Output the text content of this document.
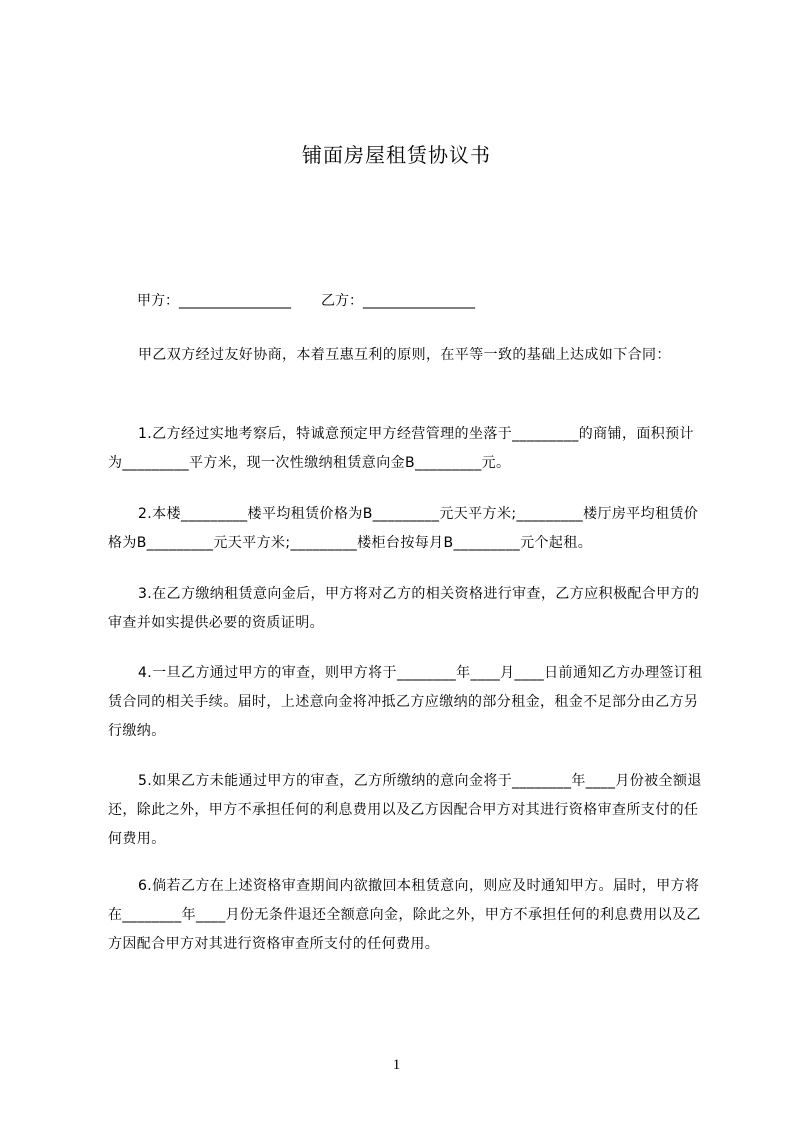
铺面房屋租赁协议书
甲方：________________ 乙方：________________
甲乙双方经过友好协商，本着互惠互利的原则，在平等一致的基础上达成如下合同：
1.乙方经过实地考察后，特诚意预定甲方经营管理的坐落于_________的商铺，面积预计为_________平方米，现一次性缴纳租赁意向金B_________元。
2.本楼_________楼平均租赁价格为B_________元天平方米;_________楼厅房平均租赁价格为B_________元天平方米;_________楼柜台按每月B_________元个起租。
3.在乙方缴纳租赁意向金后，甲方将对乙方的相关资格进行审查，乙方应积极配合甲方的审查并如实提供必要的资质证明。
4.一旦乙方通过甲方的审查，则甲方将于________年____月____日前通知乙方办理签订租赁合同的相关手续。届时，上述意向金将冲抵乙方应缴纳的部分租金，租金不足部分由乙方另行缴纳。
5.如果乙方未能通过甲方的审查，乙方所缴纳的意向金将于________年____月份被全额退还，除此之外，甲方不承担任何的利息费用以及乙方因配合甲方对其进行资格审查所支付的任何费用。
6.倘若乙方在上述资格审查期间内欲撤回本租赁意向，则应及时通知甲方。届时，甲方将在________年____月份无条件退还全额意向金，除此之外，甲方不承担任何的利息费用以及乙方因配合甲方对其进行资格审查所支付的任何费用。
1
